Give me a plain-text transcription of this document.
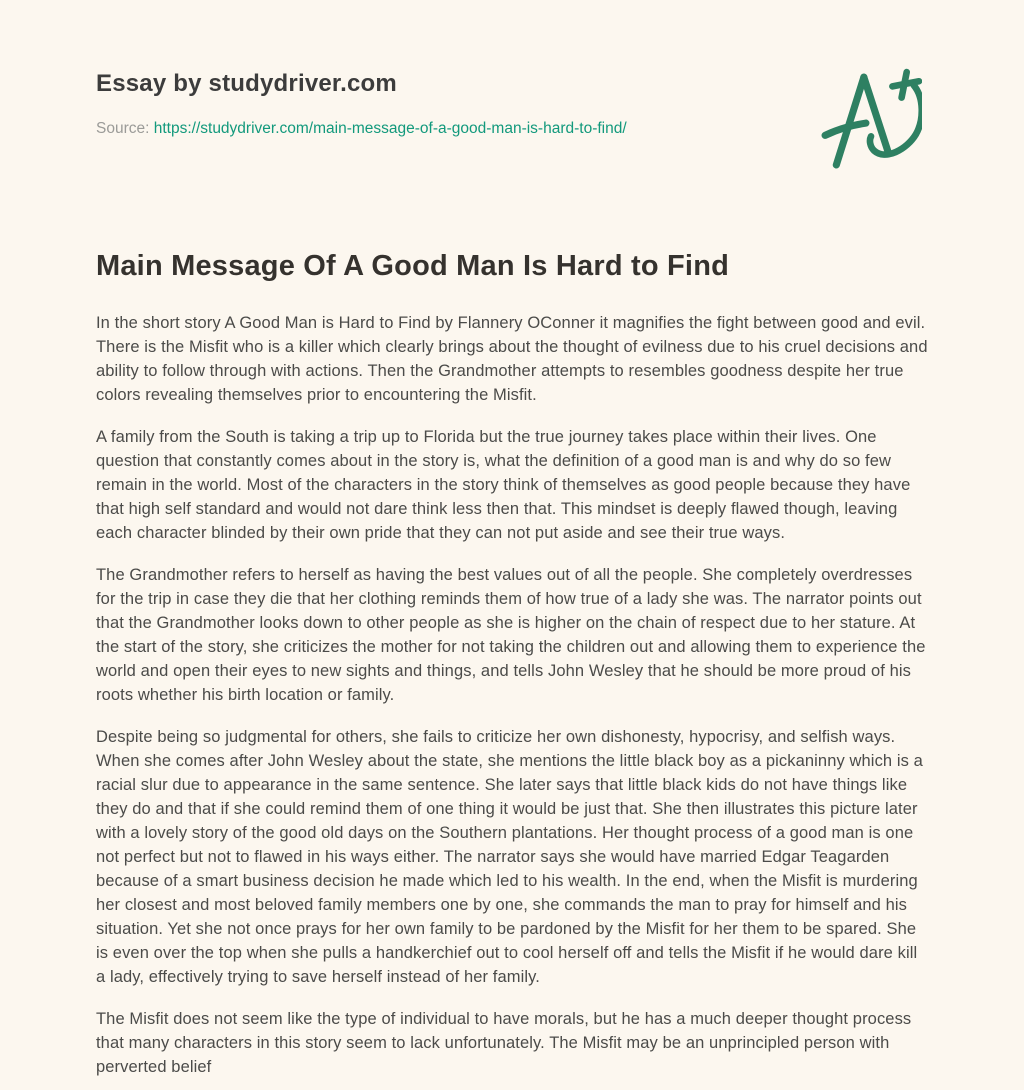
Essay by studydriver.com
Source: https://studydriver.com/main-message-of-a-good-man-is-hard-to-find/
Main Message Of A Good Man Is Hard to Find

In the short story A Good Man is Hard to Find by Flannery OConner it magnifies the fight between good and evil. There is the Misfit who is a killer which clearly brings about the thought of evilness due to his cruel decisions and ability to follow through with actions. Then the Grandmother attempts to resembles goodness despite her true colors revealing themselves prior to encountering the Misfit.

A family from the South is taking a trip up to Florida but the true journey takes place within their lives. One question that constantly comes about in the story is, what the definition of a good man is and why do so few remain in the world. Most of the characters in the story think of themselves as good people because they have that high self standard and would not dare think less then that. This mindset is deeply flawed though, leaving each character blinded by their own pride that they can not put aside and see their true ways.

The Grandmother refers to herself as having the best values out of all the people. She completely overdresses for the trip in case they die that her clothing reminds them of how true of a lady she was. The narrator points out that the Grandmother looks down to other people as she is higher on the chain of respect due to her stature. At the start of the story, she criticizes the mother for not taking the children out and allowing them to experience the world and open their eyes to new sights and things, and tells John Wesley that he should be more proud of his roots whether his birth location or family.

Despite being so judgmental for others, she fails to criticize her own dishonesty, hypocrisy, and selfish ways. When she comes after John Wesley about the state, she mentions the little black boy as a pickaninny which is a racial slur due to appearance in the same sentence. She later says that little black kids do not have things like they do and that if she could remind them of one thing it would be just that. She then illustrates this picture later with a lovely story of the good old days on the Southern plantations. Her thought process of a good man is one not perfect but not to flawed in his ways either. The narrator says she would have married Edgar Teagarden because of a smart business decision he made which led to his wealth. In the end, when the Misfit is murdering her closest and most beloved family members one by one, she commands the man to pray for himself and his situation. Yet she not once prays for her own family to be pardoned by the Misfit for her them to be spared. She is even over the top when she pulls a handkerchief out to cool herself off and tells the Misfit if he would dare kill a lady, effectively trying to save herself instead of her family.

The Misfit does not seem like the type of individual to have morals, but he has a much deeper thought process that many characters in this story seem to lack unfortunately. The Misfit may be an unprincipled person with perverted belief
